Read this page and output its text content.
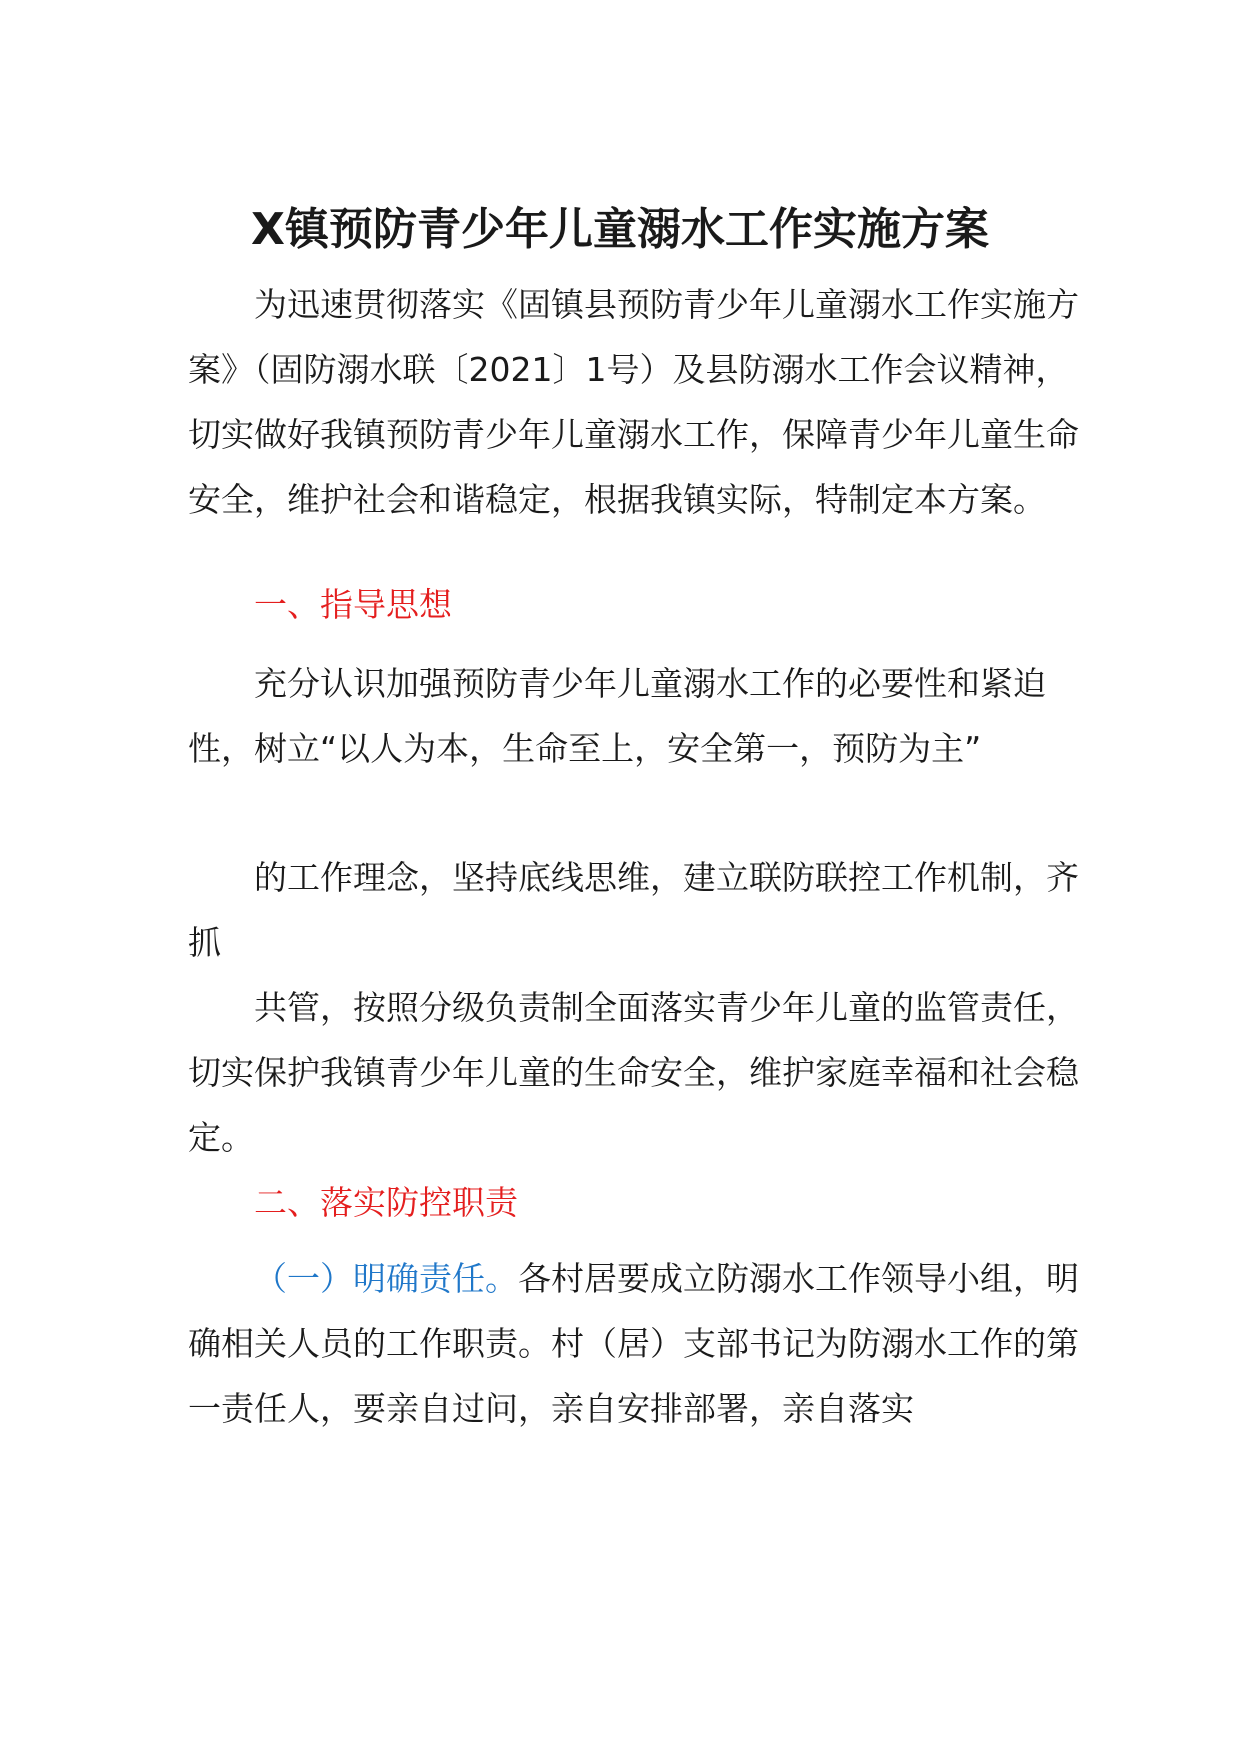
X镇预防青少年儿童溺水工作实施方案

为迅速贯彻落实《固镇县预防青少年儿童溺水工作实施方案》（固防溺水联〔2021〕1号）及县防溺水工作会议精神，切实做好我镇预防青少年儿童溺水工作，保障青少年儿童生命安全，维护社会和谐稳定，根据我镇实际，特制定本方案。

一、指导思想

充分认识加强预防青少年儿童溺水工作的必要性和紧迫性，树立“以人为本，生命至上，安全第一，预防为主”

的工作理念，坚持底线思维，建立联防联控工作机制，齐抓

共管，按照分级负责制全面落实青少年儿童的监管责任，切实保护我镇青少年儿童的生命安全，维护家庭幸福和社会稳定。

二、落实防控职责

（一）明确责任。各村居要成立防溺水工作领导小组，明确相关人员的工作职责。村（居）支部书记为防溺水工作的第一责任人，要亲自过问，亲自安排部署，亲自落实
